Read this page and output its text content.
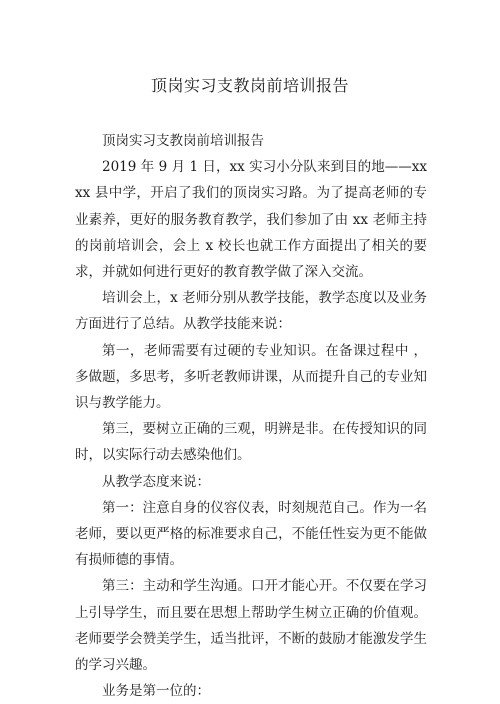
顶岗实习支教岗前培训报告

顶岗实习支教岗前培训报告

2019 年 9 月 1 日，xx 实习小分队来到目的地——xxxx 县中学，开启了我们的顶岗实习路。为了提高老师的专业素养，更好的服务教育教学，我们参加了由 xx 老师主持的岗前培训会，会上 x 校长也就工作方面提出了相关的要求，并就如何进行更好的教育教学做了深入交流。

培训会上，x 老师分别从教学技能，教学态度以及业务方面进行了总结。从教学技能来说：

第一，老师需要有过硬的专业知识。在备课过程中 ，多做题，多思考，多听老教师讲课，从而提升自己的专业知识与教学能力。

第三，要树立正确的三观，明辨是非。在传授知识的同时，以实际行动去感染他们。

从教学态度来说：

第一：注意自身的仪容仪表，时刻规范自己。作为一名老师，要以更严格的标准要求自己，不能任性妄为更不能做有损师德的事情。

第三：主动和学生沟通。口开才能心开。不仅要在学习上引导学生，而且要在思想上帮助学生树立正确的价值观。老师要学会赞美学生，适当批评，不断的鼓励才能激发学生的学习兴趣。

业务是第一位的：
